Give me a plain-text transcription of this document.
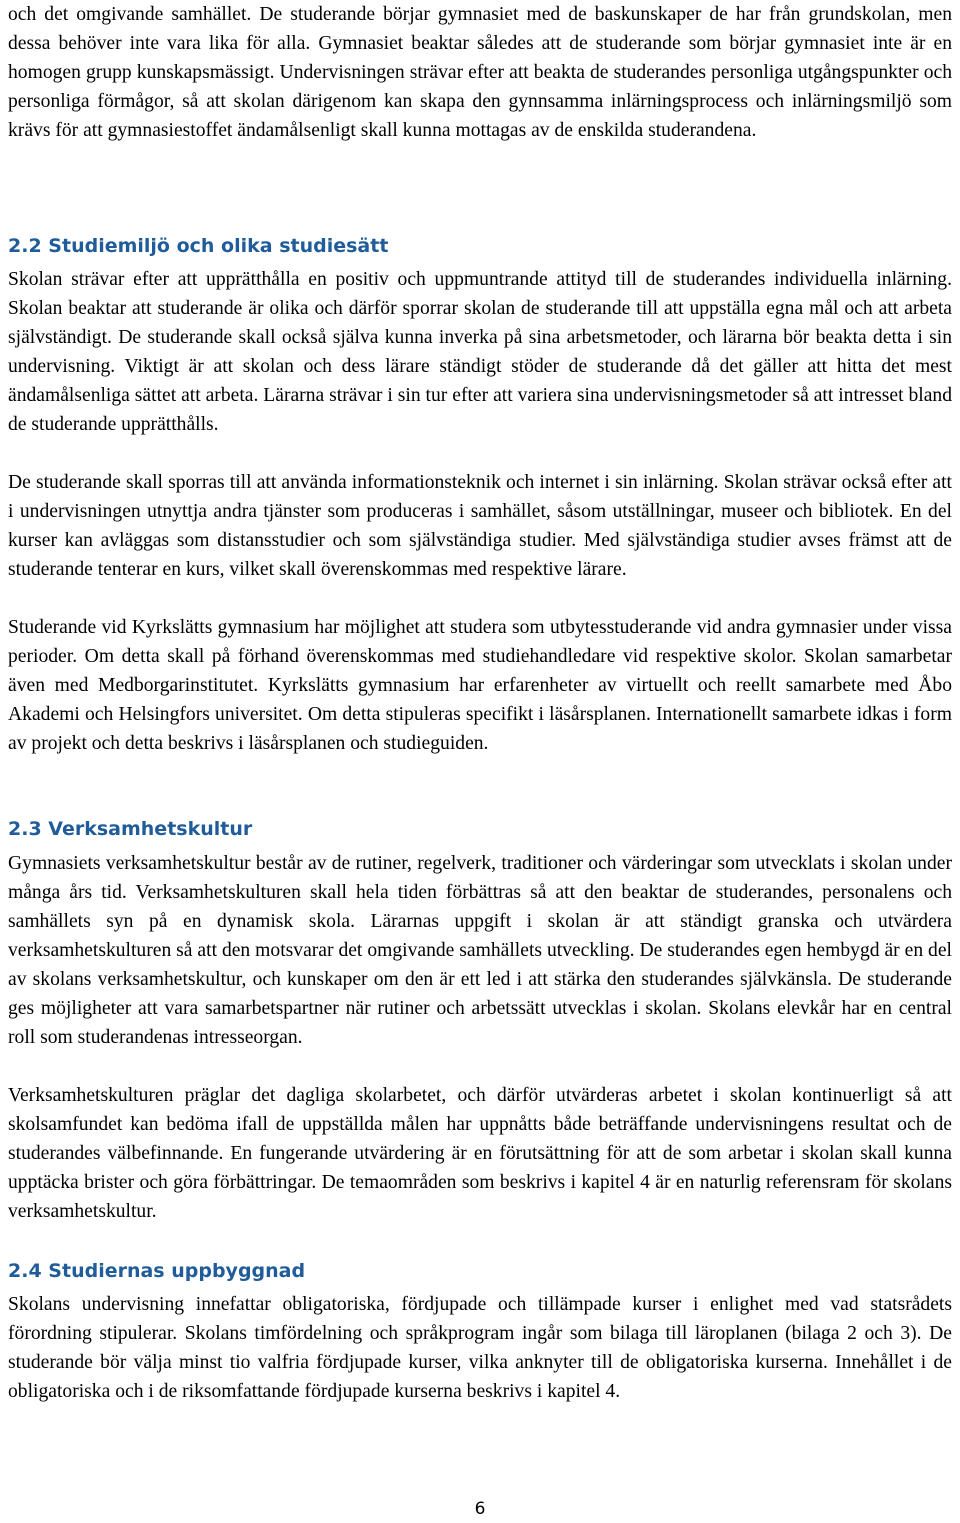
och det omgivande samhället. De studerande börjar gymnasiet med de baskunskaper de har från grundskolan, men dessa behöver inte vara lika för alla. Gymnasiet beaktar således att de studerande som börjar gymnasiet inte är en homogen grupp kunskapsmässigt. Undervisningen strävar efter att beakta de studerandes personliga utgångspunkter och personliga förmågor, så att skolan därigenom kan skapa den gynnsamma inlärningsprocess och inlärningsmiljö som krävs för att gymnasiestoffet ändamålsenligt skall kunna mottagas av de enskilda studerandena.

2.2 Studiemiljö och olika studiesätt

Skolan strävar efter att upprätthålla en positiv och uppmuntrande attityd till de studerandes individuella inlärning. Skolan beaktar att studerande är olika och därför sporrar skolan de studerande till att uppställa egna mål och att arbeta självständigt. De studerande skall också själva kunna inverka på sina arbetsmetoder, och lärarna bör beakta detta i sin undervisning. Viktigt är att skolan och dess lärare ständigt stöder de studerande då det gäller att hitta det mest ändamålsenliga sättet att arbeta. Lärarna strävar i sin tur efter att variera sina undervisningsmetoder så att intresset bland de studerande upprätthålls.

De studerande skall sporras till att använda informationsteknik och internet i sin inlärning. Skolan strävar också efter att i undervisningen utnyttja andra tjänster som produceras i samhället, såsom utställningar, museer och bibliotek. En del kurser kan avläggas som distansstudier och som självständiga studier. Med självständiga studier avses främst att de studerande tenterar en kurs, vilket skall överenskommas med respektive lärare.

Studerande vid Kyrkslätts gymnasium har möjlighet att studera som utbytesstuderande vid andra gymnasier under vissa perioder. Om detta skall på förhand överenskommas med studiehandledare vid respektive skolor. Skolan samarbetar även med Medborgarinstitutet. Kyrkslätts gymnasium har erfarenheter av virtuellt och reellt samarbete med Åbo Akademi och Helsingfors universitet. Om detta stipuleras specifikt i läsårsplanen. Internationellt samarbete idkas i form av projekt och detta beskrivs i läsårsplanen och studieguiden.

2.3 Verksamhetskultur

Gymnasiets verksamhetskultur består av de rutiner, regelverk, traditioner och värderingar som utvecklats i skolan under många års tid. Verksamhetskulturen skall hela tiden förbättras så att den beaktar de studerandes, personalens och samhällets syn på en dynamisk skola. Lärarnas uppgift i skolan är att ständigt granska och utvärdera verksamhetskulturen så att den motsvarar det omgivande samhällets utveckling. De studerandes egen hembygd är en del av skolans verksamhetskultur, och kunskaper om den är ett led i att stärka den studerandes självkänsla. De studerande ges möjligheter att vara samarbetspartner när rutiner och arbetssätt utvecklas i skolan. Skolans elevkår har en central roll som studerandenas intresseorgan.

Verksamhetskulturen präglar det dagliga skolarbetet, och därför utvärderas arbetet i skolan kontinuerligt så att skolsamfundet kan bedöma ifall de uppställda målen har uppnåtts både beträffande undervisningens resultat och de studerandes välbefinnande. En fungerande utvärdering är en förutsättning för att de som arbetar i skolan skall kunna upptäcka brister och göra förbättringar. De temaområden som beskrivs i kapitel 4 är en naturlig referensram för skolans verksamhetskultur.

2.4 Studiernas uppbyggnad

Skolans undervisning innefattar obligatoriska, fördjupade och tillämpade kurser i enlighet med vad statsrådets förordning stipulerar. Skolans timfördelning och språkprogram ingår som bilaga till läroplanen (bilaga 2 och 3). De studerande bör välja minst tio valfria fördjupade kurser, vilka anknyter till de obligatoriska kurserna. Innehållet i de obligatoriska och i de riksomfattande fördjupade kurserna beskrivs i kapitel 4.

6
